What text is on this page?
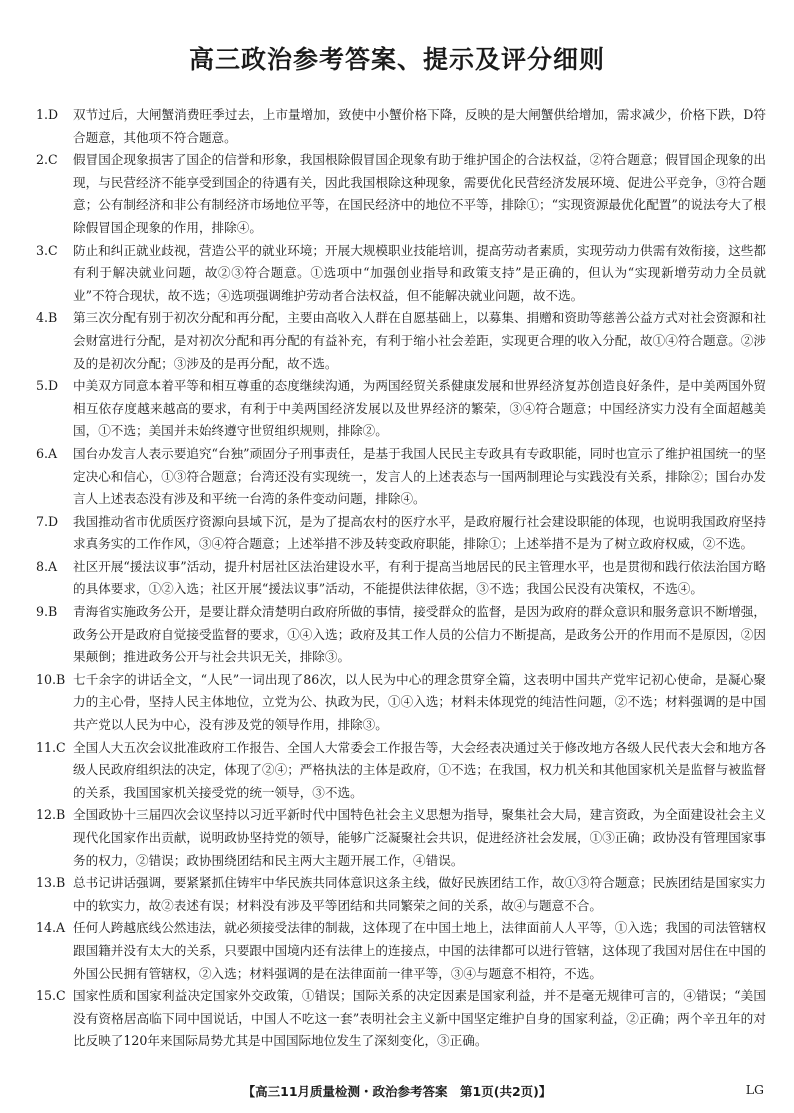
高三政治参考答案、提示及评分细则
1.D	双节过后，大闸蟹消费旺季过去，上市量增加，致使中小蟹价格下降，反映的是大闸蟹供给增加，需求减少，价格下跌，D符合题意，其他项不符合题意。
2.C	假冒国企现象损害了国企的信誉和形象，我国根除假冒国企现象有助于维护国企的合法权益，②符合题意；假冒国企现象的出现，与民营经济不能享受到国企的待遇有关，因此我国根除这种现象，需要优化民营经济发展环境、促进公平竞争，③符合题意；公有制经济和非公有制经济市场地位平等，在国民经济中的地位不平等，排除①；“实现资源最优化配置”的说法夸大了根除假冒国企现象的作用，排除④。
3.C	防止和纠正就业歧视，营造公平的就业环境；开展大规模职业技能培训，提高劳动者素质，实现劳动力供需有效衔接，这些都有利于解决就业问题，故②③符合题意。①选项中“加强创业指导和政策支持”是正确的，但认为“实现新增劳动力全员就业”不符合现状，故不选；④选项强调维护劳动者合法权益，但不能解决就业问题，故不选。
4.B	第三次分配有别于初次分配和再分配，主要由高收入人群在自愿基础上，以募集、捐赠和资助等慈善公益方式对社会资源和社会财富进行分配，是对初次分配和再分配的有益补充，有利于缩小社会差距，实现更合理的收入分配，故①④符合题意。②涉及的是初次分配；③涉及的是再分配，故不选。
5.D	中美双方同意本着平等和相互尊重的态度继续沟通，为两国经贸关系健康发展和世界经济复苏创造良好条件，是中美两国外贸相互依存度越来越高的要求，有利于中美两国经济发展以及世界经济的繁荣，③④符合题意；中国经济实力没有全面超越美国，①不选；美国并未始终遵守世贸组织规则，排除②。
6.A	国台办发言人表示要追究“台独”顽固分子刑事责任，是基于我国人民民主专政具有专政职能，同时也宣示了维护祖国统一的坚定决心和信心，①③符合题意；台湾还没有实现统一，发言人的上述表态与一国两制理论与实践没有关系，排除②；国台办发言人上述表态没有涉及和平统一台湾的条件变动问题，排除④。
7.D	我国推动省市优质医疗资源向县域下沉，是为了提高农村的医疗水平，是政府履行社会建设职能的体现，也说明我国政府坚持求真务实的工作作风，③④符合题意；上述举措不涉及转变政府职能，排除①；上述举措不是为了树立政府权威，②不选。
8.A	社区开展“援法议事”活动，提升村居社区法治建设水平，有利于提高当地居民的民主管理水平，也是贯彻和践行依法治国方略的具体要求，①②入选；社区开展“援法议事”活动，不能提供法律依据，③不选；我国公民没有决策权，不选④。
9.B	青海省实施政务公开，是要让群众清楚明白政府所做的事情，接受群众的监督，是因为政府的群众意识和服务意识不断增强，政务公开是政府自觉接受监督的要求，①④入选；政府及其工作人员的公信力不断提高，是政务公开的作用而不是原因，②因果颠倒；推进政务公开与社会共识无关，排除③。
10.B 七千余字的讲话全文，“人民”一词出现了86次，以人民为中心的理念贯穿全篇，这表明中国共产党牢记初心使命，是凝心聚力的主心骨，坚持人民主体地位，立党为公、执政为民，①④入选；材料未体现党的纯洁性问题，②不选；材料强调的是中国共产党以人民为中心，没有涉及党的领导作用，排除③。
11.C 全国人大五次会议批准政府工作报告、全国人大常委会工作报告等，大会经表决通过关于修改地方各级人民代表大会和地方各级人民政府组织法的决定，体现了②④；严格执法的主体是政府，①不选；在我国，权力机关和其他国家机关是监督与被监督的关系，我国国家机关接受党的统一领导，③不选。
12.B 全国政协十三届四次会议坚持以习近平新时代中国特色社会主义思想为指导，聚集社会大局，建言资政，为全面建设社会主义现代化国家作出贡献，说明政协坚持党的领导，能够广泛凝聚社会共识，促进经济社会发展，①③正确；政协没有管理国家事务的权力，②错误；政协围绕团结和民主两大主题开展工作，④错误。
13.B 总书记讲话强调，要紧紧抓住铸牢中华民族共同体意识这条主线，做好民族团结工作，故①③符合题意；民族团结是国家实力中的软实力，故②表述有误；材料没有涉及平等团结和共同繁荣之间的关系，故④与题意不合。
14.A 任何人跨越底线公然违法，就必须接受法律的制裁，这体现了在中国土地上，法律面前人人平等，①入选；我国的司法管辖权跟国籍并没有太大的关系，只要跟中国境内还有法律上的连接点，中国的法律都可以进行管辖，这体现了我国对居住在中国的外国公民拥有管辖权，②入选；材料强调的是在法律面前一律平等，③④与题意不相符，不选。
15.C 国家性质和国家利益决定国家外交政策，①错误；国际关系的决定因素是国家利益，并不是毫无规律可言的，④错误；“美国没有资格居高临下同中国说话，中国人不吃这一套”表明社会主义新中国坚定维护自身的国家利益，②正确；两个辛丑年的对比反映了120年来国际局势尤其是中国国际地位发生了深刻变化，③正确。
【高三11月质量检测・政治参考答案　第1页(共2页)】	LG
